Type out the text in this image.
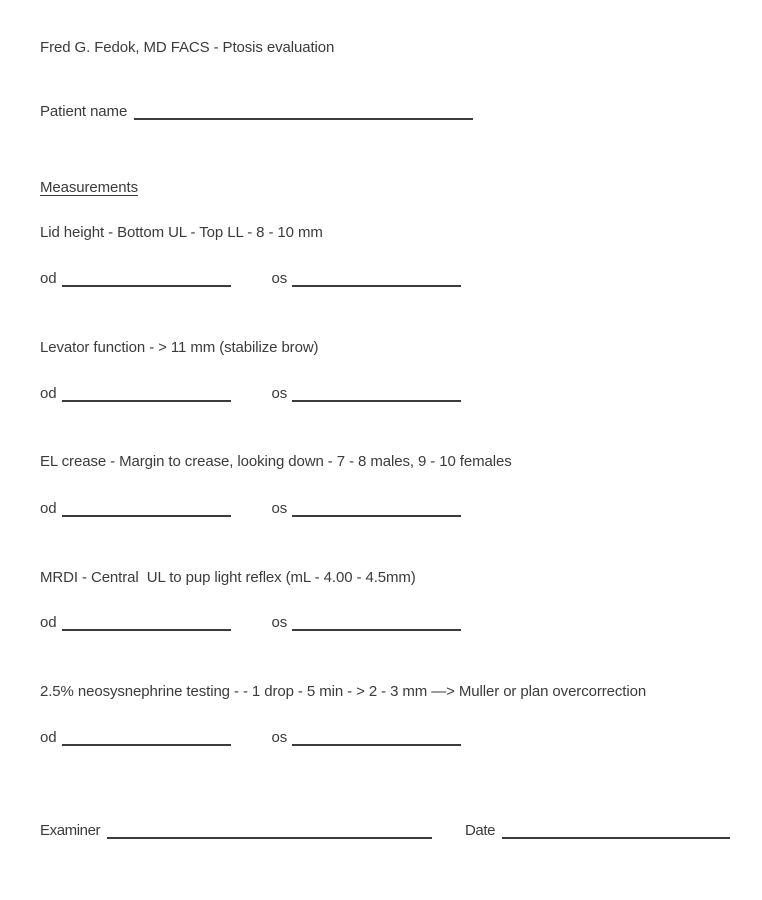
Fred G. Fedok, MD FACS - Ptosis evaluation
Patient name
Measurements
Lid height - Bottom UL - Top LL - 8 - 10 mm
od	os
Levator function - > 11 mm (stabilize brow)
od	os
EL crease - Margin to crease, looking down - 7 - 8 males, 9 - 10 females
od	os
MRDI - Central  UL to pup light reflex (mL - 4.00 - 4.5mm)
od	os
2.5% neosysnephrine testing - - 1 drop - 5 min - > 2 - 3 mm —> Muller or plan overcorrection
od	os
Examiner	Date
